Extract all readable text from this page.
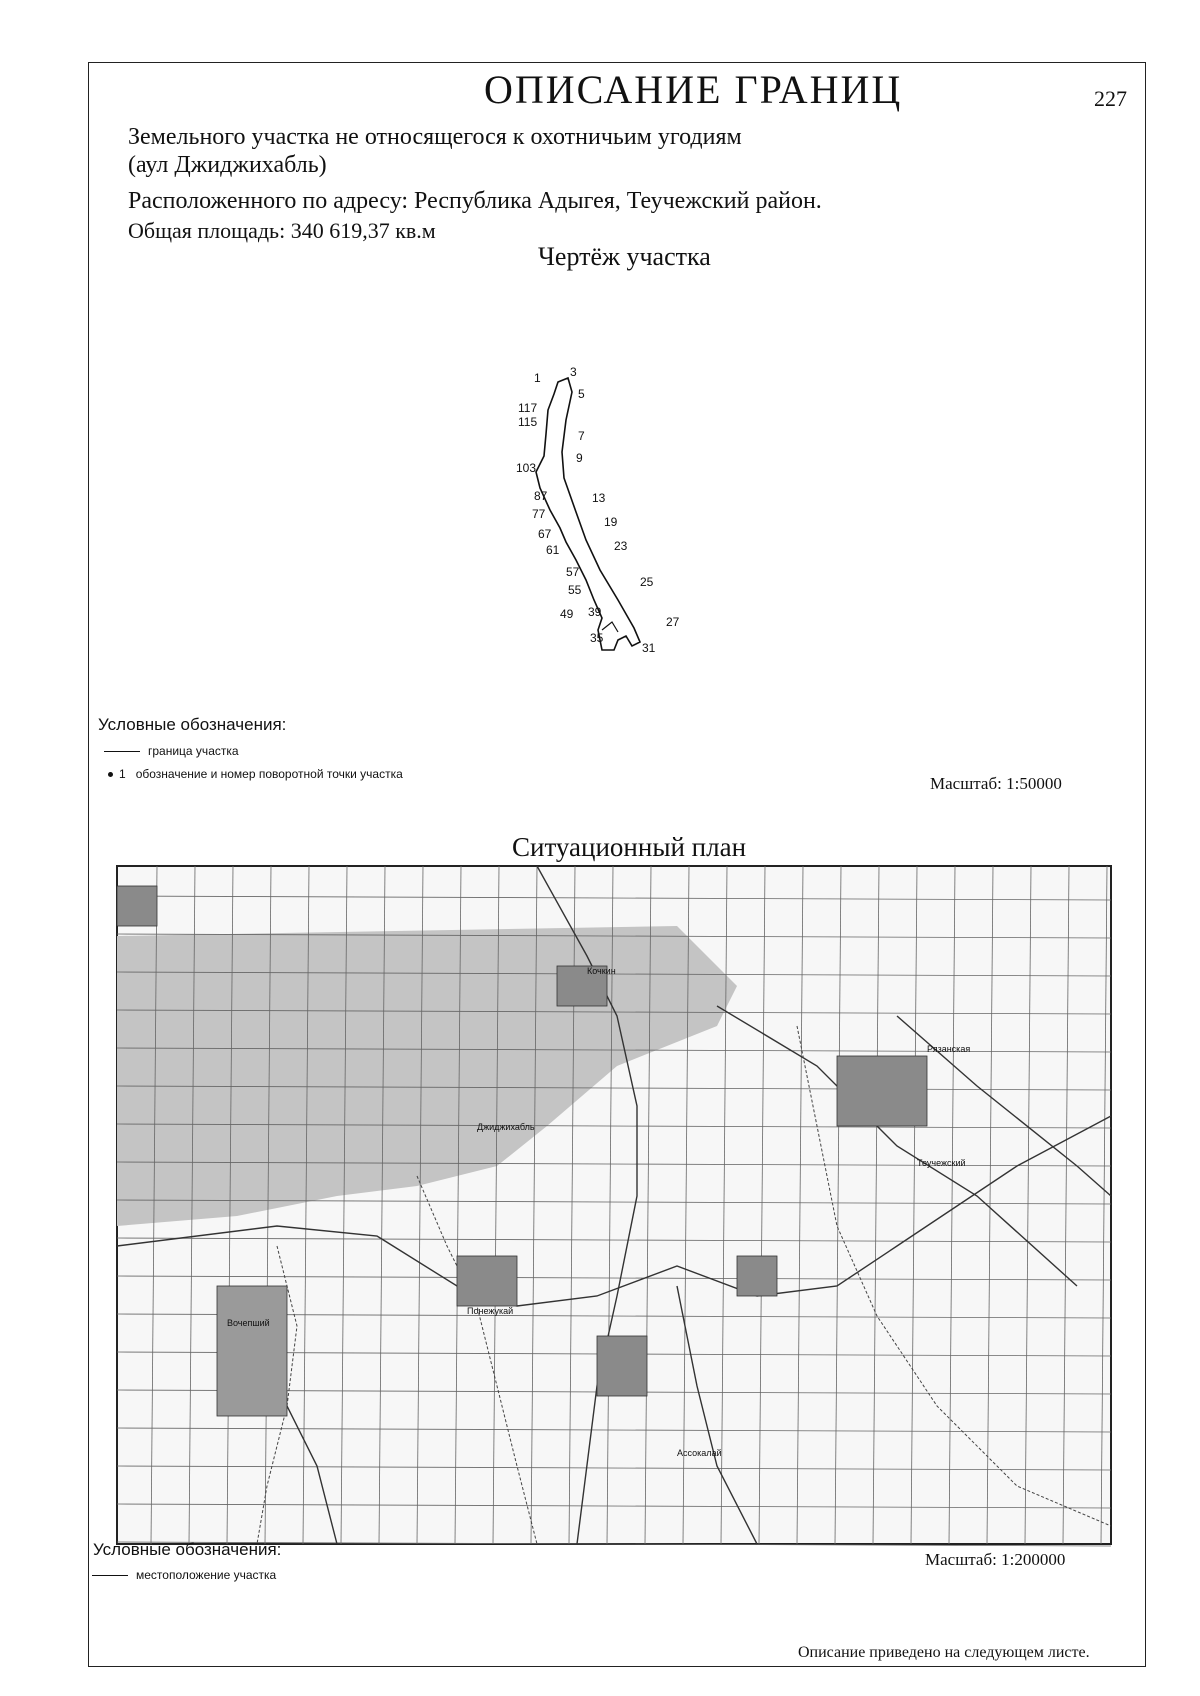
ОПИСАНИЕ ГРАНИЦ	227
Земельного участка не относящегося к охотничьим угодиям
(аул Джиджихабль)
Расположенного по адресу: Республика Адыгея, Теучежский район.
Общая площадь: 340 619,37 кв.м
Чертёж участка
1 3
5
117
115
7
9
103
87	13
77
19
67
23
61
57
25
55
49 39
27
35
31
Условные обозначения:
граница участка
1 обозначение и номер поворотной точки участка	Масштаб: 1:50000
Ситуационный план
Кочкин
Рязанская
Джиджихабль
Понежукай
Теучежский
Ассокалай
Вочепший
Условные обозначения:
местоположение участка
Масштаб: 1:200000
Описание приведено на следующем листе.
